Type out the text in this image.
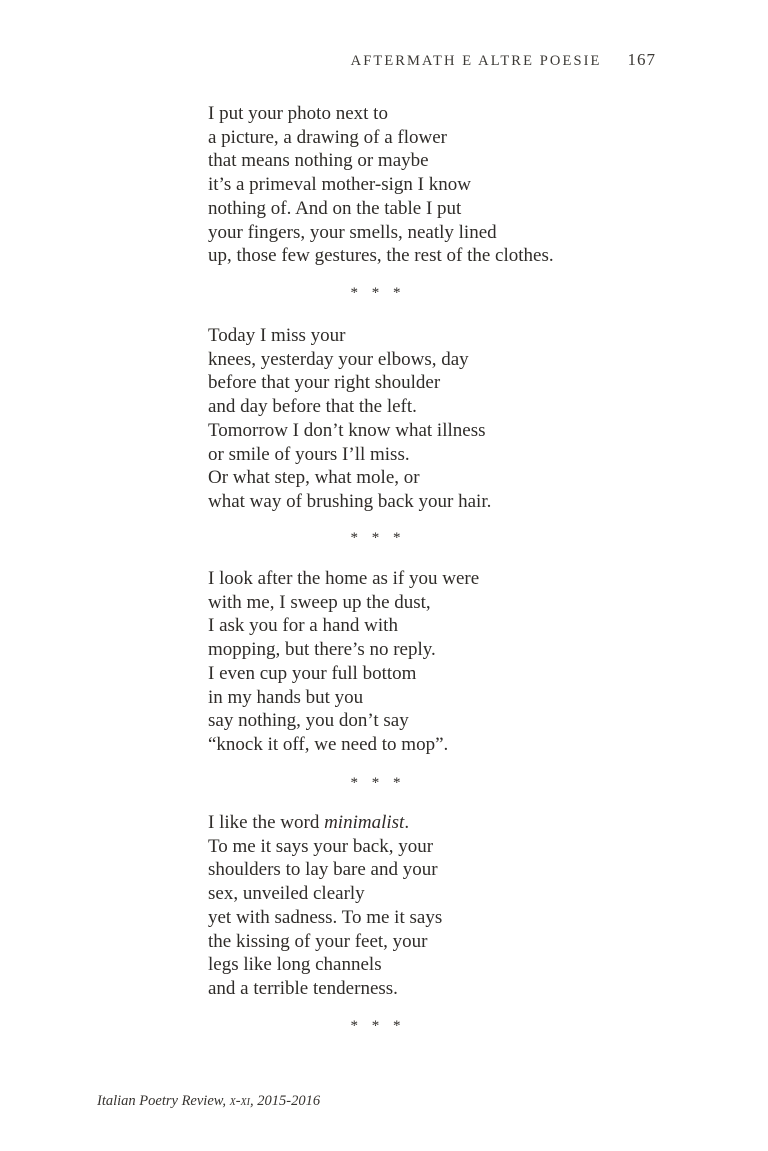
AFTERMATH E ALTRE POESIE 167
I put your photo next to
a picture, a drawing of a flower
that means nothing or maybe
it’s a primeval mother-sign I know
nothing of. And on the table I put
your fingers, your smells, neatly lined
up, those few gestures, the rest of the clothes.
* * *
Today I miss your
knees, yesterday your elbows, day
before that your right shoulder
and day before that the left.
Tomorrow I don’t know what illness
or smile of yours I’ll miss.
Or what step, what mole, or
what way of brushing back your hair.
* * *
I look after the home as if you were
with me, I sweep up the dust,
I ask you for a hand with
mopping, but there’s no reply.
I even cup your full bottom
in my hands but you
say nothing, you don’t say
“knock it off, we need to mop”.
* * *
I like the word minimalist.
To me it says your back, your
shoulders to lay bare and your
sex, unveiled clearly
yet with sadness. To me it says
the kissing of your feet, your
legs like long channels
and a terrible tenderness.
* * *
Italian Poetry Review, x-xi, 2015-2016
